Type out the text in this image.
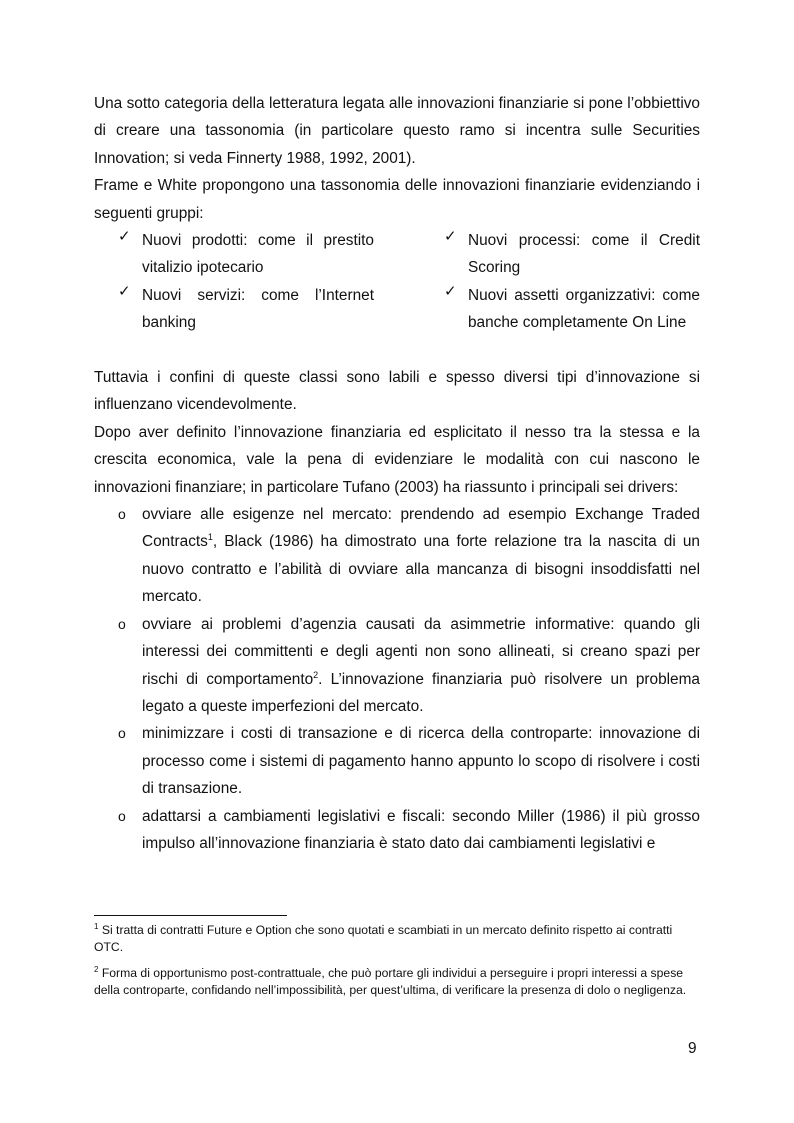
Una sotto categoria della letteratura legata alle innovazioni finanziarie si pone l’obbiettivo di creare una tassonomia (in particolare questo ramo si incentra sulle Securities Innovation; si veda Finnerty 1988, 1992, 2001).

Frame e White propongono una tassonomia delle innovazioni finanziarie evidenziando i seguenti gruppi:

✓ Nuovi prodotti: come il prestito vitalizio ipotecario
✓ Nuovi processi: come il Credit Scoring
✓ Nuovi servizi: come l’Internet banking
✓ Nuovi assetti organizzativi: come banche completamente On Line

Tuttavia i confini di queste classi sono labili e spesso diversi tipi d’innovazione si influenzano vicendevolmente.

Dopo aver definito l’innovazione finanziaria ed esplicitato il nesso tra la stessa e la crescita economica, vale la pena di evidenziare le modalità con cui nascono le innovazioni finanziare; in particolare Tufano (2003) ha riassunto i principali sei drivers:

o ovviare alle esigenze nel mercato: prendendo ad esempio Exchange Traded Contracts$^1$, Black (1986) ha dimostrato una forte relazione tra la nascita di un nuovo contratto e l’abilità di ovviare alla mancanza di bisogni insoddisfatti nel mercato.
o ovviare ai problemi d’agenzia causati da asimmetrie informative: quando gli interessi dei committenti e degli agenti non sono allineati, si creano spazi per rischi di comportamento$^2$. L’innovazione finanziaria può risolvere un problema legato a queste imperfezioni del mercato.
o minimizzare i costi di transazione e di ricerca della controparte: innovazione di processo come i sistemi di pagamento hanno appunto lo scopo di risolvere i costi di transazione.
o adattarsi a cambiamenti legislativi e fiscali: secondo Miller (1986) il più grosso impulso all’innovazione finanziaria è stato dato dai cambiamenti legislativi e

$^1$ Si tratta di contratti Future e Option che sono quotati e scambiati in un mercato definito rispetto ai contratti OTC.

$^2$ Forma di opportunismo post-contrattuale, che può portare gli individui a perseguire i propri interessi a spese della controparte, confidando nell’impossibilità, per quest’ultima, di verificare la presenza di dolo o negligenza.

9
